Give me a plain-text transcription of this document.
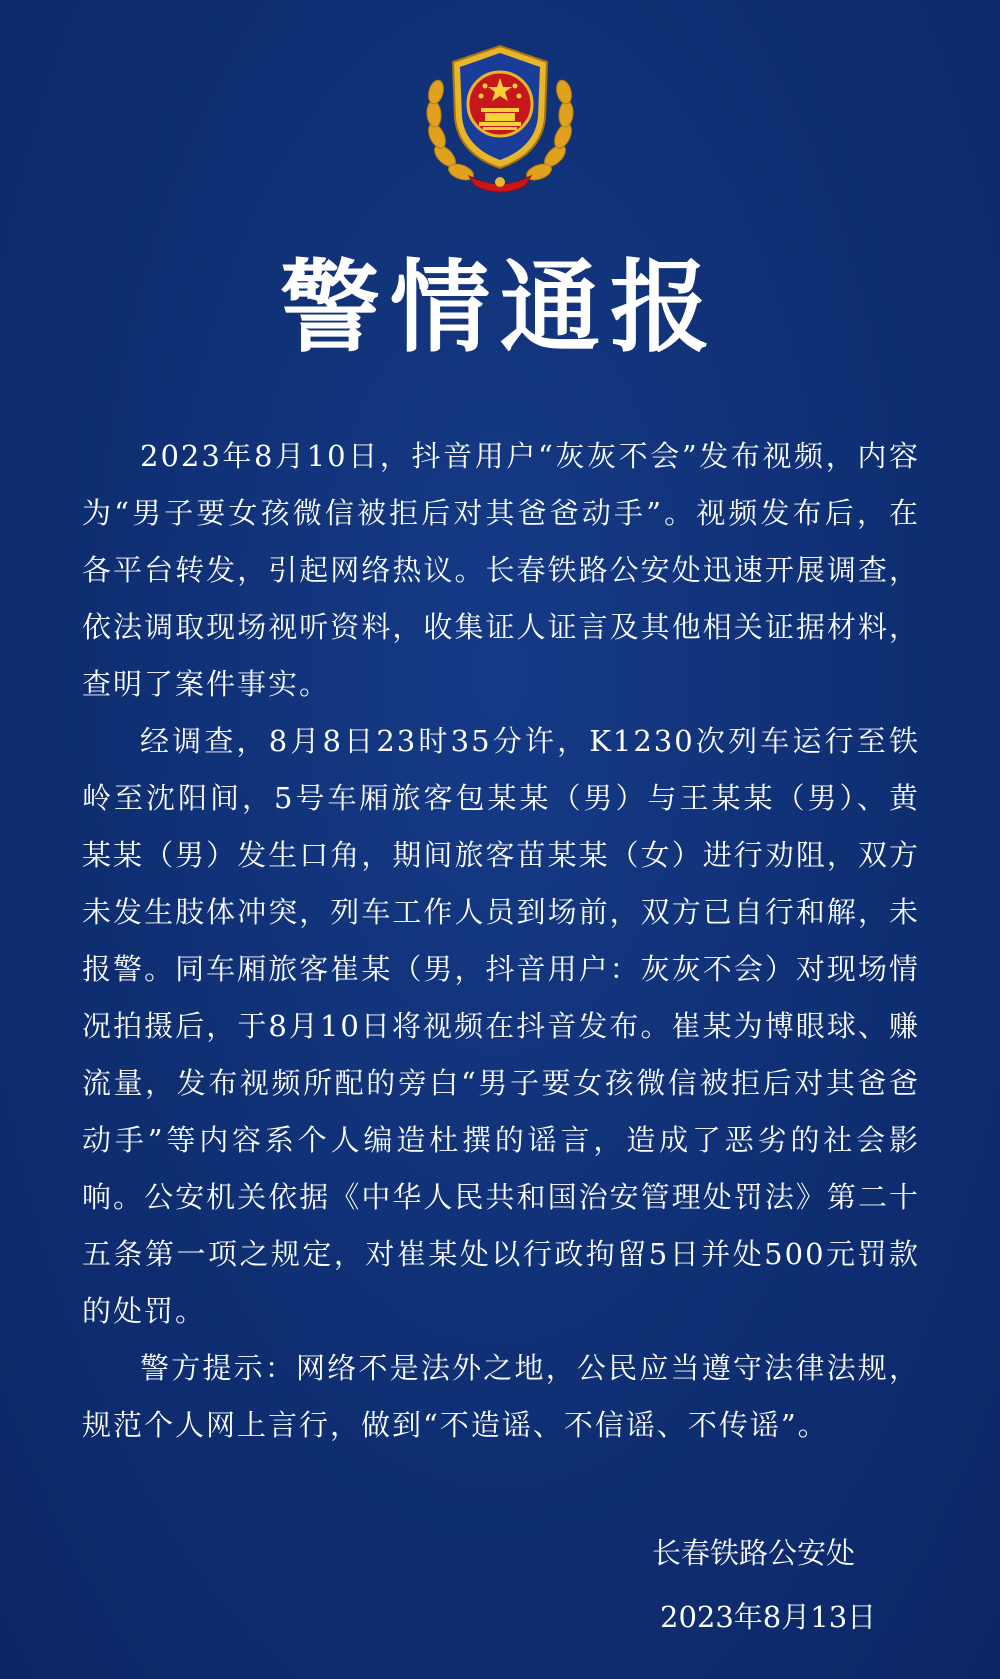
警情通报

2023年8月10日，抖音用户“灰灰不会”发布视频，内容为“男子要女孩微信被拒后对其爸爸动手”。视频发布后，在各平台转发，引起网络热议。长春铁路公安处迅速开展调查，依法调取现场视听资料，收集证人证言及其他相关证据材料，查明了案件事实。

经调查，8月8日23时35分许，K1230次列车运行至铁岭至沈阳间，5号车厢旅客包某某（男）与王某某（男）、黄某某（男）发生口角，期间旅客苗某某（女）进行劝阻，双方未发生肢体冲突，列车工作人员到场前，双方已自行和解，未报警。同车厢旅客崔某（男，抖音用户：灰灰不会）对现场情况拍摄后，于8月10日将视频在抖音发布。崔某为博眼球、赚流量，发布视频所配的旁白“男子要女孩微信被拒后对其爸爸动手”等内容系个人编造杜撰的谣言，造成了恶劣的社会影响。公安机关依据《中华人民共和国治安管理处罚法》第二十五条第一项之规定，对崔某处以行政拘留5日并处500元罚款的处罚。

警方提示：网络不是法外之地，公民应当遵守法律法规，规范个人网上言行，做到“不造谣、不信谣、不传谣”。

长春铁路公安处
2023年8月13日
